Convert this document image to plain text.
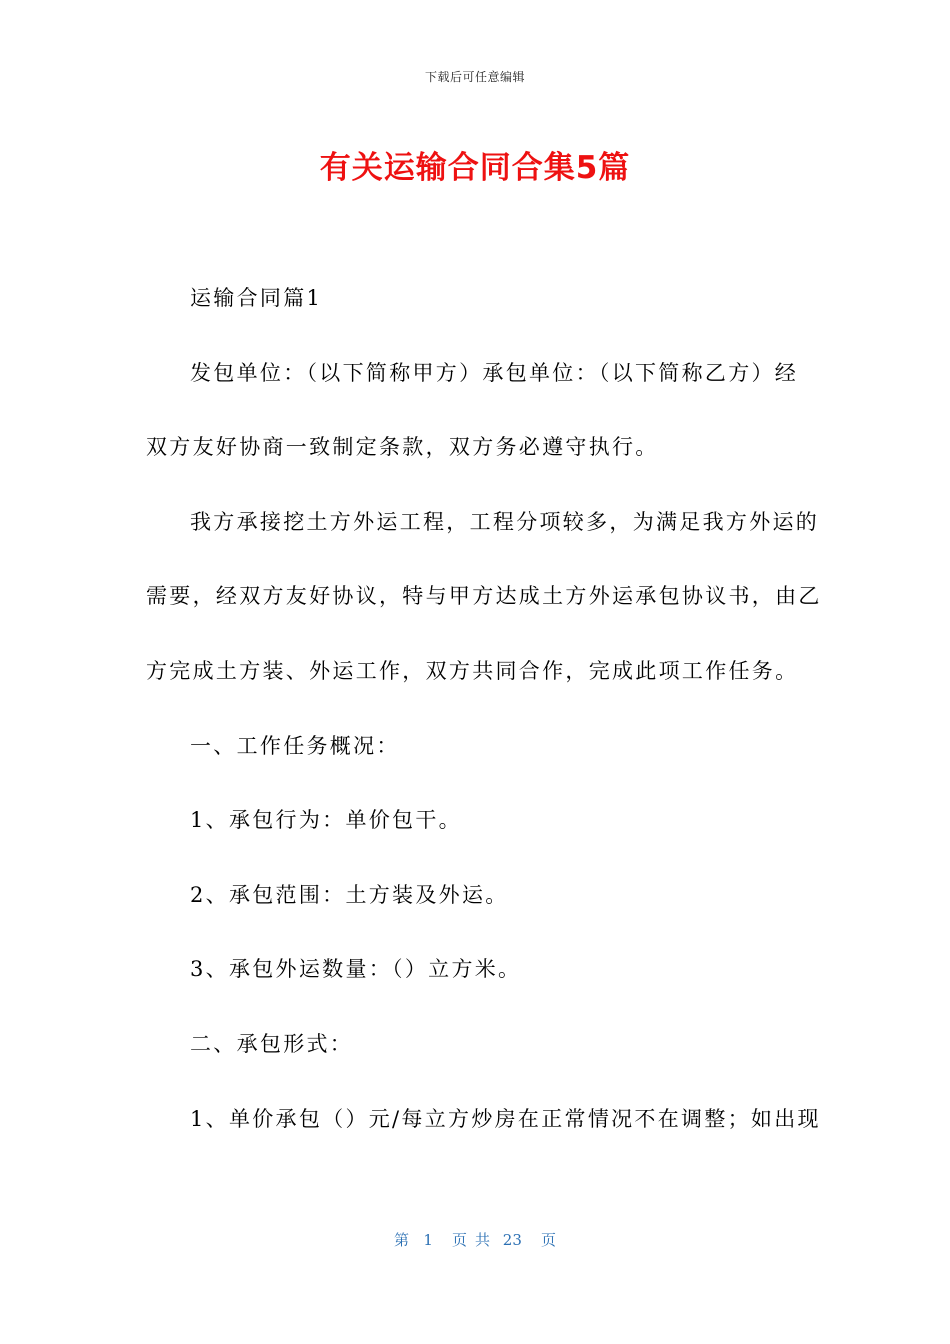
下载后可任意编辑
有关运输合同合集5篇
运输合同篇1
发包单位：（以下简称甲方）承包单位：（以下简称乙方）经
双方友好协商一致制定条款，双方务必遵守执行。
我方承接挖土方外运工程，工程分项较多，为满足我方外运的
需要，经双方友好协议，特与甲方达成土方外运承包协议书，由乙
方完成土方装、外运工作，双方共同合作，完成此项工作任务。
一、工作任务概况：
1、承包行为：单价包干。
2、承包范围：土方装及外运。
3、承包外运数量：（）立方米。
二、承包形式：
1、单价承包（）元/每立方炒房在正常情况不在调整；如出现
第 1 页共 23 页
